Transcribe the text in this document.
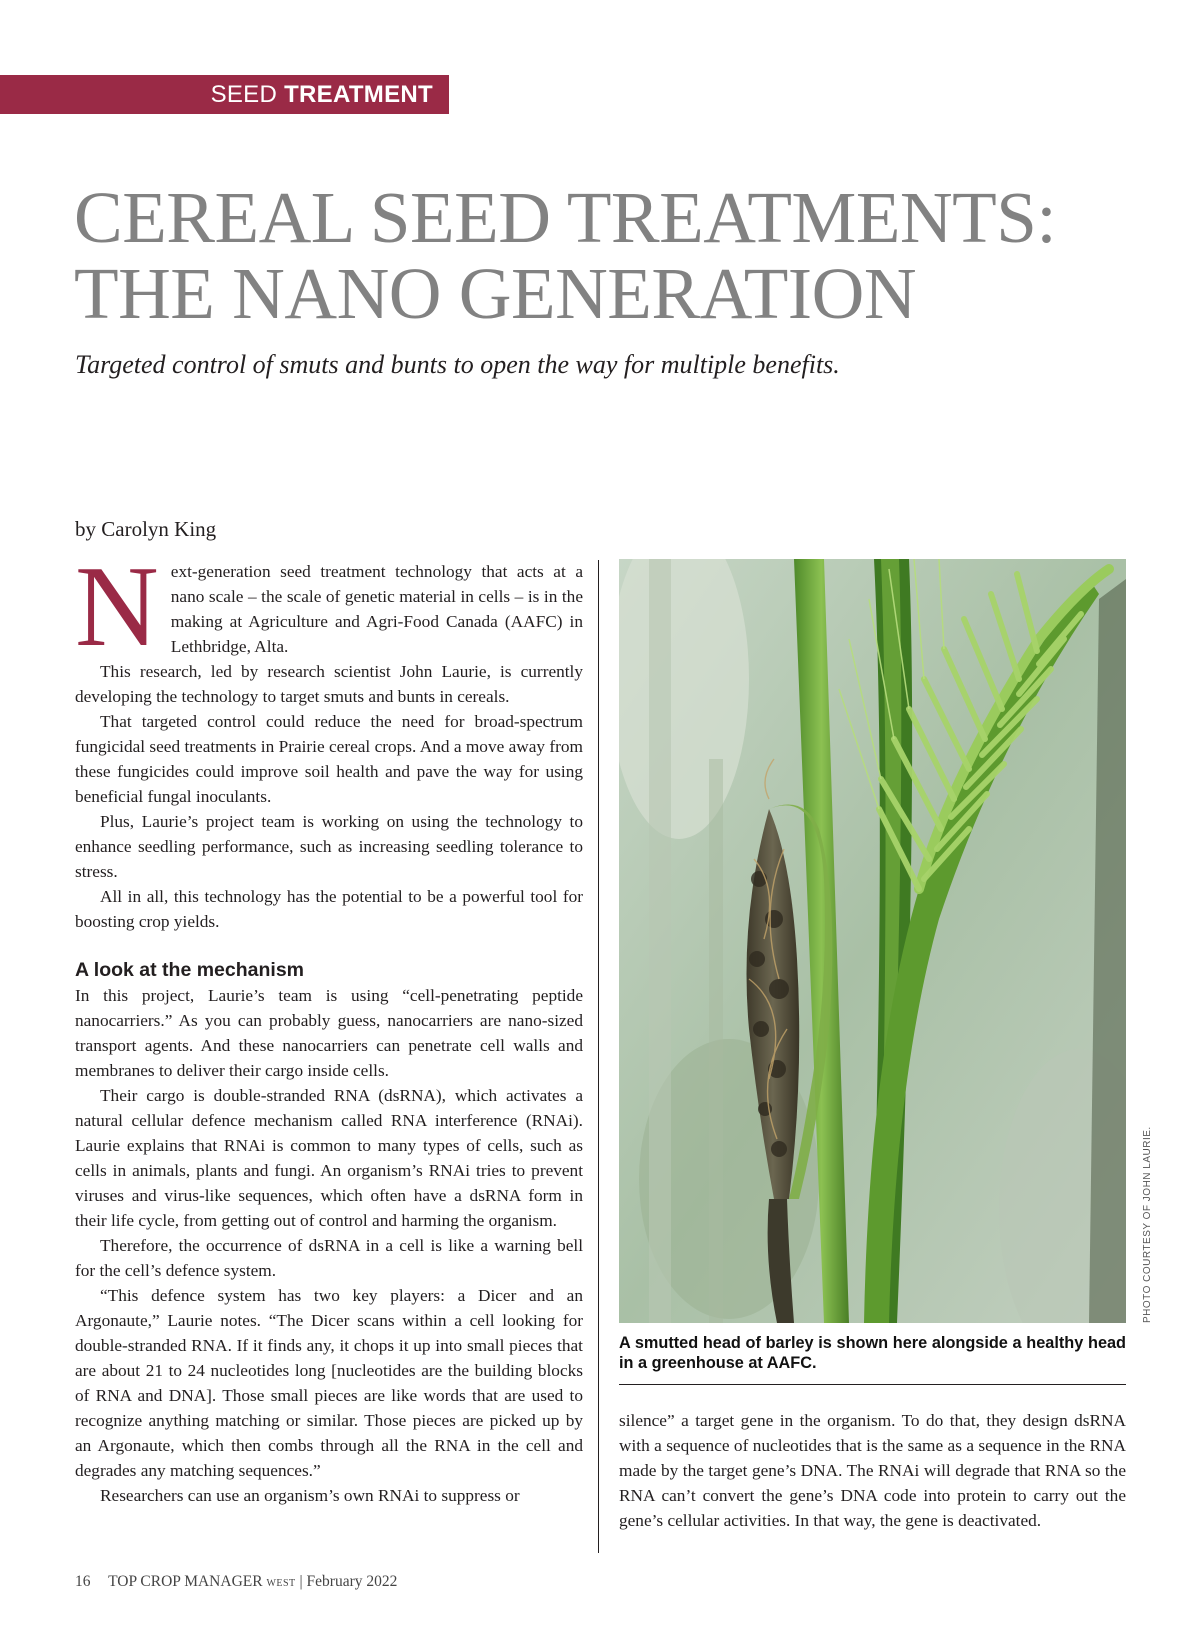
SEED TREATMENT
CEREAL SEED TREATMENTS:
THE NANO GENERATION
Targeted control of smuts and bunts to open the way for multiple benefits.
by Carolyn King

Next-generation seed treatment technology that acts at a nano scale – the scale of genetic material in cells – is in the making at Agriculture and Agri-Food Canada (AAFC) in Lethbridge, Alta.

This research, led by research scientist John Laurie, is currently developing the technology to target smuts and bunts in cereals.

That targeted control could reduce the need for broad-spectrum fungicidal seed treatments in Prairie cereal crops. And a move away from these fungicides could improve soil health and pave the way for using beneficial fungal inoculants.

Plus, Laurie’s project team is working on using the technology to enhance seedling performance, such as increasing seedling tolerance to stress.

All in all, this technology has the potential to be a powerful tool for boosting crop yields.

A look at the mechanism

In this project, Laurie’s team is using “cell-penetrating peptide nanocarriers.” As you can probably guess, nanocarriers are nano-sized transport agents. And these nanocarriers can penetrate cell walls and membranes to deliver their cargo inside cells.

Their cargo is double-stranded RNA (dsRNA), which activates a natural cellular defence mechanism called RNA interference (RNAi). Laurie explains that RNAi is common to many types of cells, such as cells in animals, plants and fungi. An organism’s RNAi tries to prevent viruses and virus-like sequences, which often have a dsRNA form in their life cycle, from getting out of control and harming the organism.

Therefore, the occurrence of dsRNA in a cell is like a warning bell for the cell’s defence system.

“This defence system has two key players: a Dicer and an Argonaute,” Laurie notes. “The Dicer scans within a cell looking for double-stranded RNA. If it finds any, it chops it up into small pieces that are about 21 to 24 nucleotides long [nucleotides are the building blocks of RNA and DNA]. Those small pieces are like words that are used to recognize anything matching or similar. Those pieces are picked up by an Argonaute, which then combs through all the RNA in the cell and degrades any matching sequences.”

Researchers can use an organism’s own RNAi to suppress or

PHOTO COURTESY OF JOHN LAURIE.
A smutted head of barley is shown here alongside a healthy head in a greenhouse at AAFC.

silence” a target gene in the organism. To do that, they design dsRNA with a sequence of nucleotides that is the same as a sequence in the RNA made by the target gene’s DNA. The RNAi will degrade that RNA so the RNA can’t convert the gene’s DNA code into protein to carry out the gene’s cellular activities. In that way, the gene is deactivated.

16 TOP CROP MANAGER WEST | February 2022
